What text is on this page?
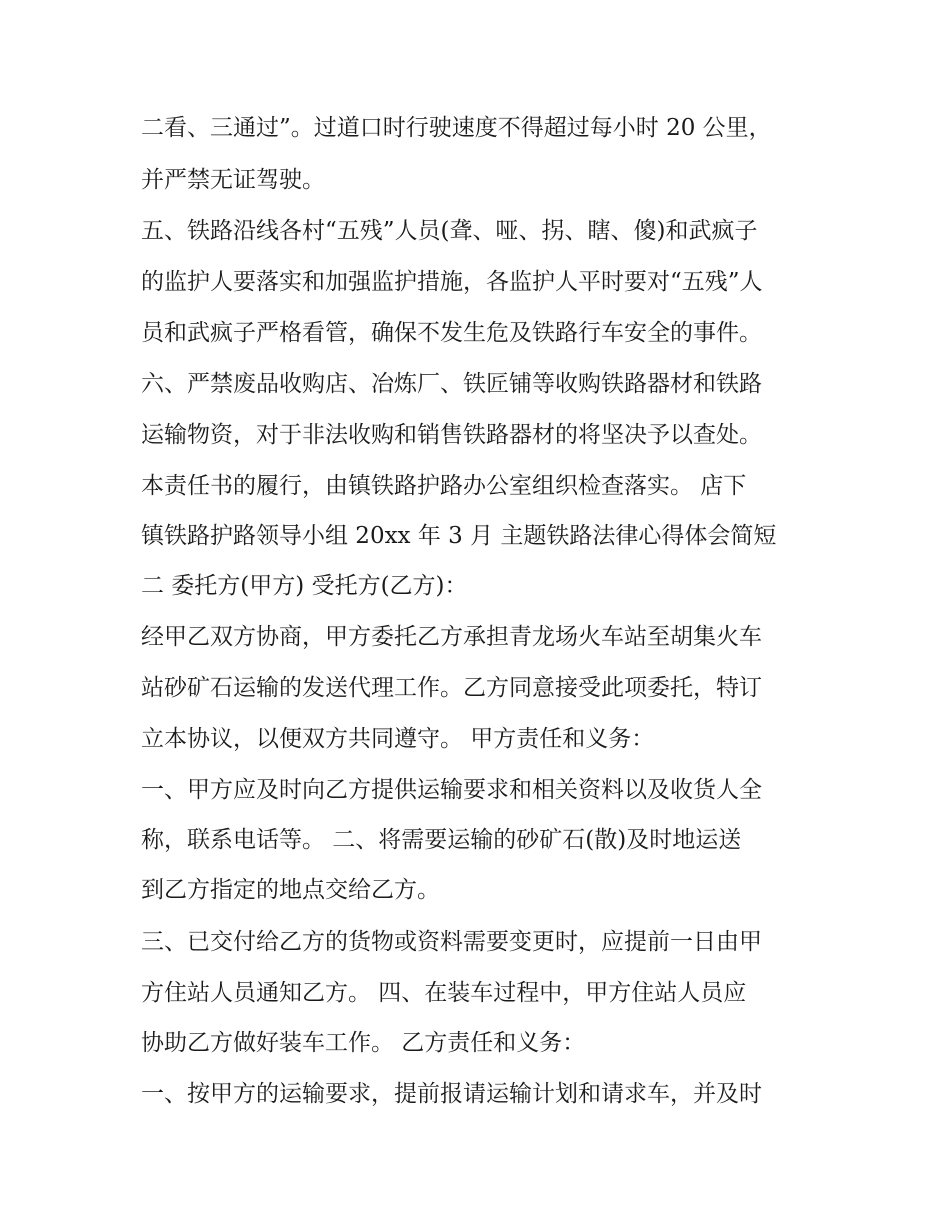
二看、三通过”。过道口时行驶速度不得超过每小时 20 公里，
并严禁无证驾驶。
五、铁路沿线各村“五残”人员(聋、哑、拐、瞎、傻)和武疯子
的监护人要落实和加强监护措施，各监护人平时要对“五残”人
员和武疯子严格看管，确保不发生危及铁路行车安全的事件。
六、严禁废品收购店、冶炼厂、铁匠铺等收购铁路器材和铁路
运输物资，对于非法收购和销售铁路器材的将坚决予以查处。
本责任书的履行，由镇铁路护路办公室组织检查落实。 店下
镇铁路护路领导小组 20xx 年 3 月 主题铁路法律心得体会简短
二 委托方(甲方) 受托方(乙方)：
经甲乙双方协商，甲方委托乙方承担青龙场火车站至胡集火车
站砂矿石运输的发送代理工作。乙方同意接受此项委托，特订
立本协议，以便双方共同遵守。 甲方责任和义务：
一、甲方应及时向乙方提供运输要求和相关资料以及收货人全
称，联系电话等。 二、将需要运输的砂矿石(散)及时地运送
到乙方指定的地点交给乙方。
三、已交付给乙方的货物或资料需要变更时，应提前一日由甲
方住站人员通知乙方。 四、在装车过程中，甲方住站人员应
协助乙方做好装车工作。 乙方责任和义务：
一、按甲方的运输要求，提前报请运输计划和请求车，并及时
